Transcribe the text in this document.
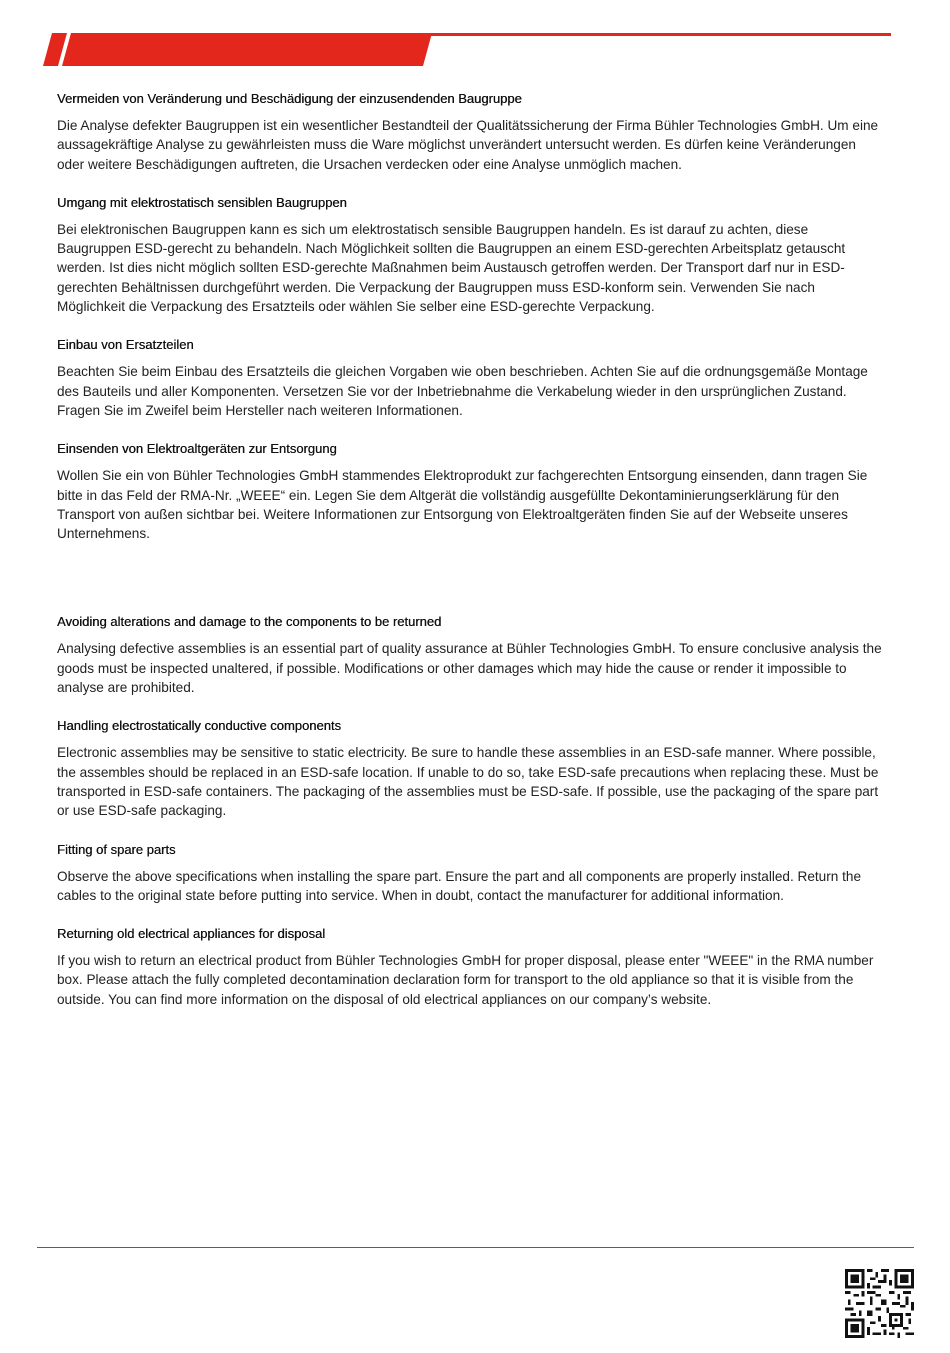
Vermeiden von Veränderung und Beschädigung der einzusendenden Baugruppe

Die Analyse defekter Baugruppen ist ein wesentlicher Bestandteil der Qualitätssicherung der Firma Bühler Technologies GmbH. Um eine aussagekräftige Analyse zu gewährleisten muss die Ware möglichst unverändert untersucht werden. Es dürfen keine Veränderungen oder weitere Beschädigungen auftreten, die Ursachen verdecken oder eine Analyse unmöglich machen.

Umgang mit elektrostatisch sensiblen Baugruppen

Bei elektronischen Baugruppen kann es sich um elektrostatisch sensible Baugruppen handeln. Es ist darauf zu achten, diese Baugruppen ESD-gerecht zu behandeln. Nach Möglichkeit sollten die Baugruppen an einem ESD-gerechten Arbeitsplatz getauscht werden. Ist dies nicht möglich sollten ESD-gerechte Maßnahmen beim Austausch getroffen werden. Der Transport darf nur in ESD-gerechten Behältnissen durchgeführt werden. Die Verpackung der Baugruppen muss ESD-konform sein. Verwenden Sie nach Möglichkeit die Verpackung des Ersatzteils oder wählen Sie selber eine ESD-gerechte Verpackung.

Einbau von Ersatzteilen

Beachten Sie beim Einbau des Ersatzteils die gleichen Vorgaben wie oben beschrieben. Achten Sie auf die ordnungsgemäße Montage des Bauteils und aller Komponenten. Versetzen Sie vor der Inbetriebnahme die Verkabelung wieder in den ursprünglichen Zustand. Fragen Sie im Zweifel beim Hersteller nach weiteren Informationen.

Einsenden von Elektroaltgeräten zur Entsorgung

Wollen Sie ein von Bühler Technologies GmbH stammendes Elektroprodukt zur fachgerechten Entsorgung einsenden, dann tragen Sie bitte in das Feld der RMA-Nr. „WEEE“ ein. Legen Sie dem Altgerät die vollständig ausgefüllte Dekontaminierungserklärung für den Transport von außen sichtbar bei. Weitere Informationen zur Entsorgung von Elektroaltgeräten finden Sie auf der Webseite unseres Unternehmens.

Avoiding alterations and damage to the components to be returned

Analysing defective assemblies is an essential part of quality assurance at Bühler Technologies GmbH. To ensure conclusive analysis the goods must be inspected unaltered, if possible. Modifications or other damages which may hide the cause or render it impossible to analyse are prohibited.

Handling electrostatically conductive components

Electronic assemblies may be sensitive to static electricity. Be sure to handle these assemblies in an ESD-safe manner. Where possible, the assembles should be replaced in an ESD-safe location. If unable to do so, take ESD-safe precautions when replacing these. Must be transported in ESD-safe containers. The packaging of the assemblies must be ESD-safe. If possible, use the packaging of the spare part or use ESD-safe packaging.

Fitting of spare parts

Observe the above specifications when installing the spare part. Ensure the part and all components are properly installed. Return the cables to the original state before putting into service. When in doubt, contact the manufacturer for additional information.

Returning old electrical appliances for disposal

If you wish to return an electrical product from Bühler Technologies GmbH for proper disposal, please enter "WEEE" in the RMA number box. Please attach the fully completed decontamination declaration form for transport to the old appliance so that it is visible from the outside. You can find more information on the disposal of old electrical appliances on our company’s website.
